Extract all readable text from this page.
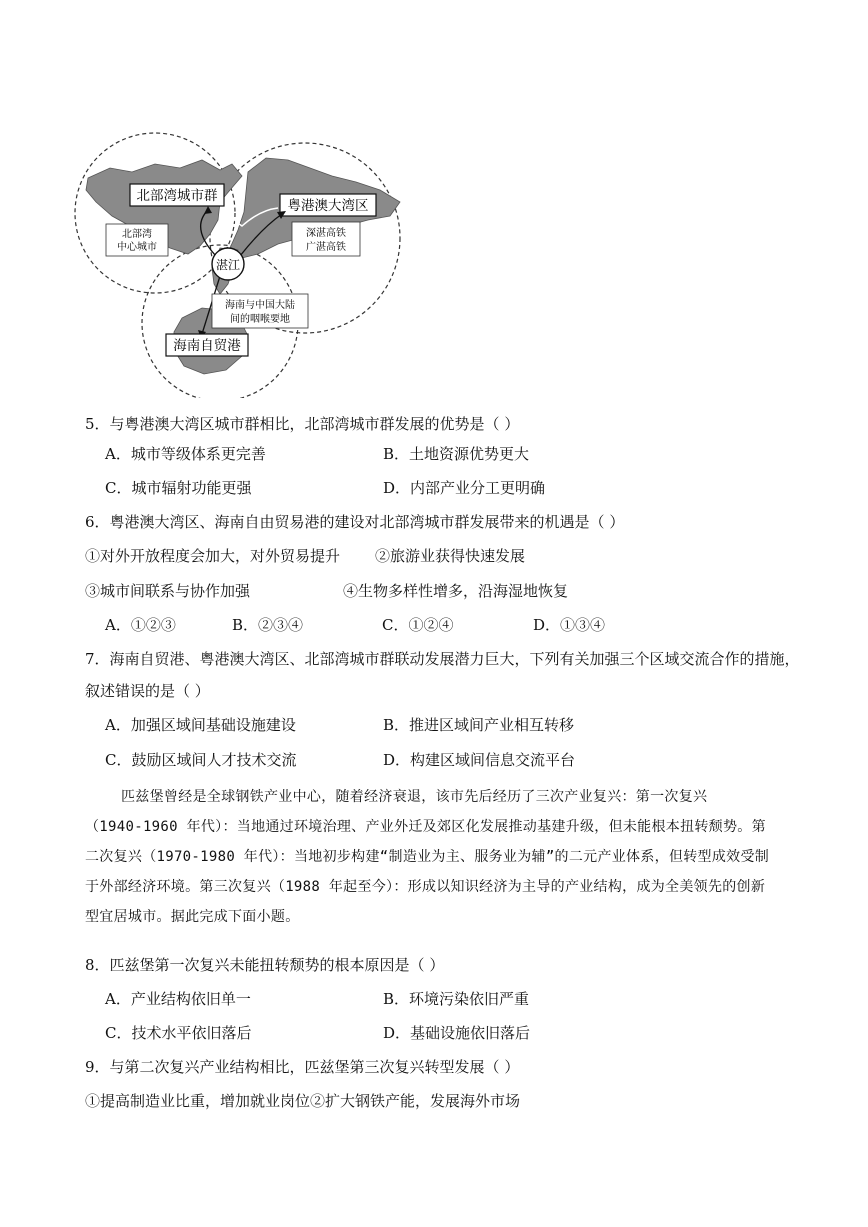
北部湾城市群
北部湾
中心城市
粤港澳大湾区
深湛高铁
广湛高铁
湛江
海南与中国大陆
间的咽喉要地
海南自贸港
5．与粤港澳大湾区城市群相比，北部湾城市群发展的优势是（ ）
A．城市等级体系更完善	B．土地资源优势更大
C．城市辐射功能更强	D．内部产业分工更明确
6．粤港澳大湾区、海南自由贸易港的建设对北部湾城市群发展带来的机遇是（ ）
①对外开放程度会加大，对外贸易提升 ②旅游业获得快速发展
③城市间联系与协作加强	④生物多样性增多，沿海湿地恢复
A．①②③	B．②③④	C．①②④	D．①③④
7．海南自贸港、粤港澳大湾区、北部湾城市群联动发展潜力巨大，下列有关加强三个区域交流合作的措施，
叙述错误的是（ ）
A．加强区域间基础设施建设	B．推进区域间产业相互转移
C．鼓励区域间人才技术交流	D．构建区域间信息交流平台

匹兹堡曾经是全球钢铁产业中心，随着经济衰退，该市先后经历了三次产业复兴：第一次复兴

（1940-1960 年代）：当地通过环境治理、产业外迁及郊区化发展推动基建升级，但未能根本扭转颓势。第

二次复兴（1970-1980 年代）：当地初步构建“制造业为主、服务业为辅”的二元产业体系，但转型成效受制

于外部经济环境。第三次复兴（1988 年起至今）：形成以知识经济为主导的产业结构，成为全美领先的创新

型宜居城市。据此完成下面小题。

8．匹兹堡第一次复兴未能扭转颓势的根本原因是（ ）
A．产业结构依旧单一	B．环境污染依旧严重
C．技术水平依旧落后	D．基础设施依旧落后
9．与第二次复兴产业结构相比，匹兹堡第三次复兴转型发展（ ）
①提高制造业比重，增加就业岗位②扩大钢铁产能，发展海外市场
